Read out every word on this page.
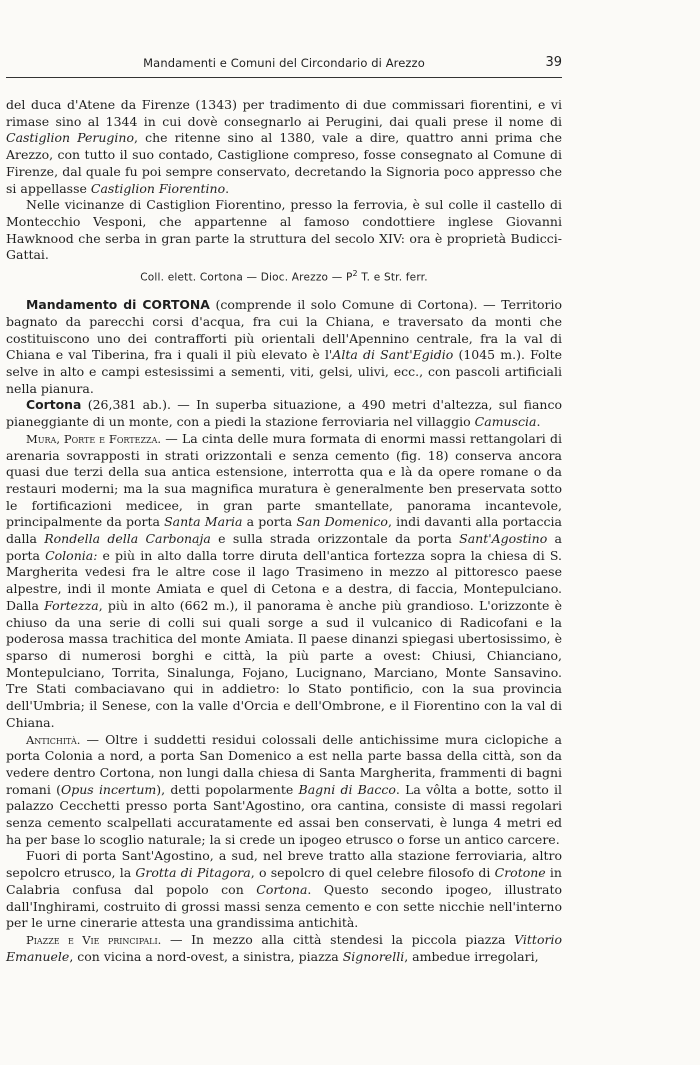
Mandamenti e Comuni del Circondario di Arezzo	39

del duca d'Atene da Firenze (1343) per tradimento di due commissari fiorentini, e vi rimase sino al 1344 in cui dovè consegnarlo ai Perugini, dai quali prese il nome di Castiglion Perugino, che ritenne sino al 1380, vale a dire, quattro anni prima che Arezzo, con tutto il suo contado, Castiglione compreso, fosse consegnato al Comune di Firenze, dal quale fu poi sempre conservato, decretando la Signoria poco appresso che si appellasse Castiglion Fiorentino.

Nelle vicinanze di Castiglion Fiorentino, presso la ferrovia, è sul colle il castello di Montecchio Vesponi, che appartenne al famoso condottiere inglese Giovanni Hawknood che serba in gran parte la struttura del secolo XIV: ora è proprietà Budicci-Gattai.

Coll. elett. Cortona — Dioc. Arezzo — $P^2$ T. e Str. ferr.

Mandamento di CORTONA (comprende il solo Comune di Cortona). — Territorio bagnato da parecchi corsi d'acqua, fra cui la Chiana, e traversato da monti che costituiscono uno dei contrafforti più orientali dell'Apennino centrale, fra la val di Chiana e val Tiberina, fra i quali il più elevato è l'Alta di Sant'Egidio (1045 m.). Folte selve in alto e campi estesissimi a sementi, viti, gelsi, ulivi, ecc., con pascoli artificiali nella pianura.

Cortona (26,381 ab.). — In superba situazione, a 490 metri d'altezza, sul fianco pianeggiante di un monte, con a piedi la stazione ferroviaria nel villaggio Camuscia.

Mura, Porte e Fortezza. — La cinta delle mura formata di enormi massi rettangolari di arenaria sovrapposti in strati orizzontali e senza cemento (fig. 18) conserva ancora quasi due terzi della sua antica estensione, interrotta qua e là da opere romane o da restauri moderni; ma la sua magnifica muratura è generalmente ben preservata sotto le fortificazioni medicee, in gran parte smantellate, panorama incantevole, principalmente da porta Santa Maria a porta San Domenico, indi davanti alla portaccia dalla Rondella della Carbonaja e sulla strada orizzontale da porta Sant'Agostino a porta Colonia: e più in alto dalla torre diruta dell'antica fortezza sopra la chiesa di S. Margherita vedesi fra le altre cose il lago Trasimeno in mezzo al pittoresco paese alpestre, indi il monte Amiata e quel di Cetona e a destra, di faccia, Montepulciano. Dalla Fortezza, più in alto (662 m.), il panorama è anche più grandioso. L'orizzonte è chiuso da una serie di colli sui quali sorge a sud il vulcanico di Radicofani e la poderosa massa trachitica del monte Amiata. Il paese dinanzi spiegasi ubertosissimo, è sparso di numerosi borghi e città, la più parte a ovest: Chiusi, Chianciano, Montepulciano, Torrita, Sinalunga, Fojano, Lucignano, Marciano, Monte Sansavino. Tre Stati combaciavano qui in addietro: lo Stato pontificio, con la sua provincia dell'Umbria; il Senese, con la valle d'Orcia e dell'Ombrone, e il Fiorentino con la val di Chiana.

Antichità. — Oltre i suddetti residui colossali delle antichissime mura ciclopiche a porta Colonia a nord, a porta San Domenico a est nella parte bassa della città, son da vedere dentro Cortona, non lungi dalla chiesa di Santa Margherita, frammenti di bagni romani (Opus incertum), detti popolarmente Bagni di Bacco. La vôlta a botte, sotto il palazzo Cecchetti presso porta Sant'Agostino, ora cantina, consiste di massi regolari senza cemento scalpellati accuratamente ed assai ben conservati, è lunga 4 metri ed ha per base lo scoglio naturale; la si crede un ipogeo etrusco o forse un antico carcere.

Fuori di porta Sant'Agostino, a sud, nel breve tratto alla stazione ferroviaria, altro sepolcro etrusco, la Grotta di Pitagora, o sepolcro di quel celebre filosofo di Crotone in Calabria confusa dal popolo con Cortona. Questo secondo ipogeo, illustrato dall'Inghirami, costruito di grossi massi senza cemento e con sette nicchie nell'interno per le urne cinerarie attesta una grandissima antichità.

Piazze e Vie principali. — In mezzo alla città stendesi la piccola piazza Vittorio Emanuele, con vicina a nord-ovest, a sinistra, piazza Signorelli, ambedue irregolari,
